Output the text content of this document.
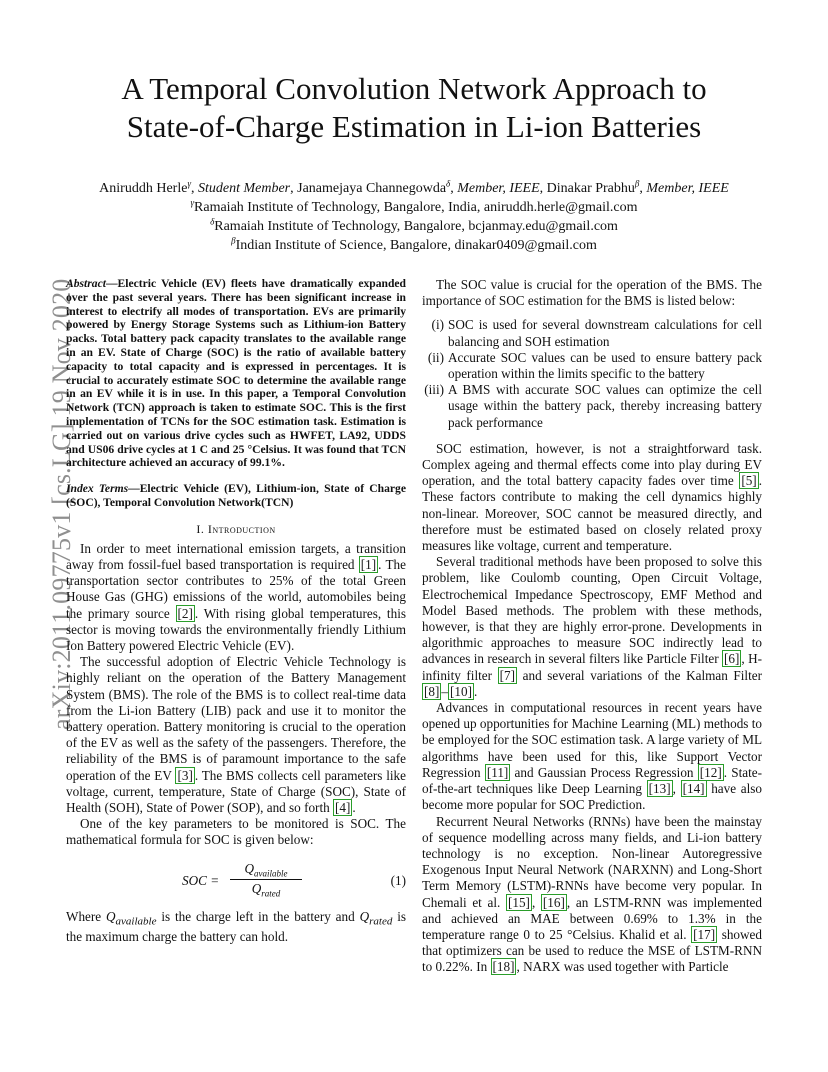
arXiv:2011.09775v1 [cs.LG] 19 Nov 2020
A Temporal Convolution Network Approach to
State-of-Charge Estimation in Li-ion Batteries
Aniruddh Herle$^\gamma$, Student Member, Janamejaya Channegowda$^\delta$, Member, IEEE, Dinakar Prabhu$^\beta$, Member, IEEE
$^\gamma$Ramaiah Institute of Technology, Bangalore, India, aniruddh.herle@gmail.com
$^\delta$Ramaiah Institute of Technology, Bangalore, bcjanmay.edu@gmail.com
$^\beta$Indian Institute of Science, Bangalore, dinakar0409@gmail.com
Abstract—Electric Vehicle (EV) fleets have dramatically expanded over the past several years. There has been significant increase in interest to electrify all modes of transportation. EVs are primarily powered by Energy Storage Systems such as Lithium-ion Battery packs. Total battery pack capacity translates to the available range in an EV. State of Charge (SOC) is the ratio of available battery capacity to total capacity and is expressed in percentages. It is crucial to accurately estimate SOC to determine the available range in an EV while it is in use. In this paper, a Temporal Convolution Network (TCN) approach is taken to estimate SOC. This is the first implementation of TCNs for the SOC estimation task. Estimation is carried out on various drive cycles such as HWFET, LA92, UDDS and US06 drive cycles at 1 C and 25 °Celsius. It was found that TCN architecture achieved an accuracy of 99.1%.
Index Terms—Electric Vehicle (EV), Lithium-ion, State of Charge (SOC), Temporal Convolution Network(TCN)
I. Introduction

In order to meet international emission targets, a transition away from fossil-fuel based transportation is required [1] . The transportation sector contributes to 25% of the total Green House Gas (GHG) emissions of the world, automobiles being the primary source [2] . With rising global temperatures, this sector is moving towards the environmentally friendly Lithium Ion Battery powered Electric Vehicle (EV).

The successful adoption of Electric Vehicle Technology is highly reliant on the operation of the Battery Management System (BMS). The role of the BMS is to collect real-time data from the Li-ion Battery (LIB) pack and use it to monitor the battery operation. Battery monitoring is crucial to the operation of the EV as well as the safety of the passengers. Therefore, the reliability of the BMS is of paramount importance to the safe operation of the EV [3] . The BMS collects cell parameters like voltage, current, temperature, State of Charge (SOC), State of Health (SOH), State of Power (SOP), and so forth [4] .

One of the key parameters to be monitored is SOC. The mathematical formula for SOC is given below:

SOC =
$Q_{available}$
$Q_{rated}$
(1)

Where $Q_{available}$ is the charge left in the battery and $Q_{rated}$ is the maximum charge the battery can hold.

The SOC value is crucial for the operation of the BMS. The importance of SOC estimation for the BMS is listed below:

(i) SOC is used for several downstream calculations for cell balancing and SOH estimation
(ii) Accurate SOC values can be used to ensure battery pack operation within the limits specific to the battery
(iii) A BMS with accurate SOC values can optimize the cell usage within the battery pack, thereby increasing battery pack performance

SOC estimation, however, is not a straightforward task. Complex ageing and thermal effects come into play during EV operation, and the total battery capacity fades over time [5] . These factors contribute to making the cell dynamics highly non-linear. Moreover, SOC cannot be measured directly, and therefore must be estimated based on closely related proxy measures like voltage, current and temperature.

Several traditional methods have been proposed to solve this problem, like Coulomb counting, Open Circuit Voltage, Electrochemical Impedance Spectroscopy, EMF Method and Model Based methods. The problem with these methods, however, is that they are highly error-prone. Developments in algorithmic approaches to measure SOC indirectly lead to advances in research in several filters like Particle Filter [6] , H-infinity filter [7] and several variations of the Kalman Filter [8] – [10] .

Advances in computational resources in recent years have opened up opportunities for Machine Learning (ML) methods to be employed for the SOC estimation task. A large variety of ML algorithms have been used for this, like Support Vector Regression [11] and Gaussian Process Regression [12] . State-of-the-art techniques like Deep Learning [13] , [14] have also become more popular for SOC Prediction.

Recurrent Neural Networks (RNNs) have been the mainstay of sequence modelling across many fields, and Li-ion battery technology is no exception. Non-linear Autoregressive Exogenous Input Neural Network (NARXNN) and Long-Short Term Memory (LSTM)-RNNs have become very popular. In Chemali et al. [15] , [16] , an LSTM-RNN was implemented and achieved an MAE between 0.69% to 1.3% in the temperature range 0 to 25 °Celsius. Khalid et al. [17] showed that optimizers can be used to reduce the MSE of LSTM-RNN to 0.22%. In [18] , NARX was used together with Particle
